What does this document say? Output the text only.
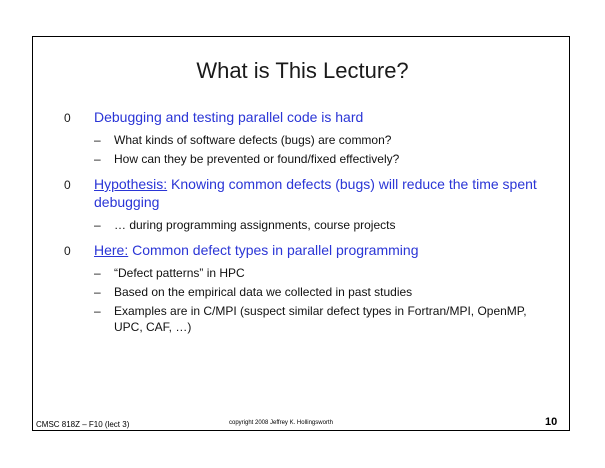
What is This Lecture?
0 Debugging and testing parallel code is hard
– What kinds of software defects (bugs) are common?
– How can they be prevented or found/fixed effectively?
0 Hypothesis: Knowing common defects (bugs) will reduce the time spent debugging
– … during programming assignments, course projects
0 Here: Common defect types in parallel programming
– “Defect patterns” in HPC
– Based on the empirical data we collected in past studies
– Examples are in C/MPI (suspect similar defect types in Fortran/MPI, OpenMP, UPC, CAF, …)
CMSC 818Z – F10 (lect 3)	copyright 2008 Jeffrey K. Hollingsworth	10
